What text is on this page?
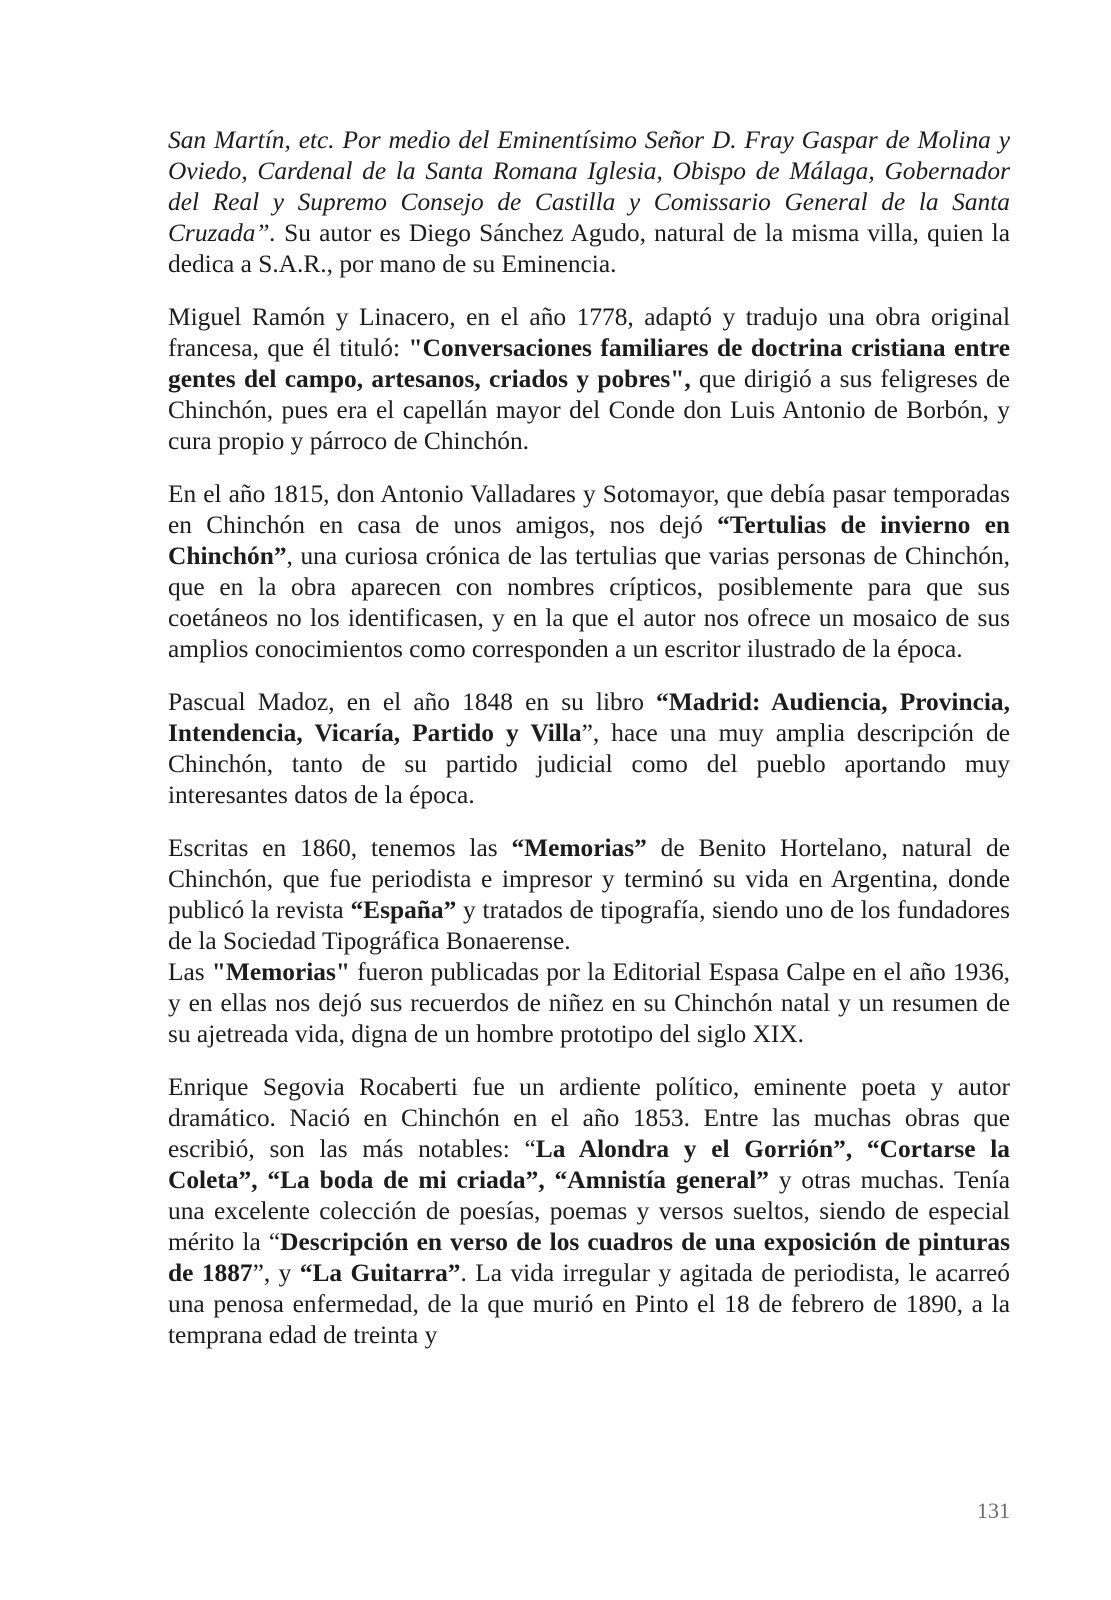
San Martín, etc. Por medio del Eminentísimo Señor D. Fray Gaspar de Molina y Oviedo, Cardenal de la Santa Romana Iglesia, Obispo de Málaga, Gobernador del Real y Supremo Consejo de Castilla y Comissario General de la Santa Cruzada”. Su autor es Diego Sánchez Agudo, natural de la misma villa, quien la dedica a S.A.R., por mano de su Eminencia.

Miguel Ramón y Linacero, en el año 1778, adaptó y tradujo una obra original francesa, que él tituló: "Conversaciones familiares de doctrina cristiana entre gentes del campo, artesanos, criados y pobres", que dirigió a sus feligreses de Chinchón, pues era el capellán mayor del Conde don Luis Antonio de Borbón, y cura propio y párroco de Chinchón.

En el año 1815, don Antonio Valladares y Sotomayor, que debía pasar temporadas en Chinchón en casa de unos amigos, nos dejó “Tertulias de invierno en Chinchón”, una curiosa crónica de las tertulias que varias personas de Chinchón, que en la obra aparecen con nombres crípticos, posiblemente para que sus coetáneos no los identificasen, y en la que el autor nos ofrece un mosaico de sus amplios conocimientos como corresponden a un escritor ilustrado de la época.

Pascual Madoz, en el año 1848 en su libro “Madrid: Audiencia, Provincia, Intendencia, Vicaría, Partido y Villa”, hace una muy amplia descripción de Chinchón, tanto de su partido judicial como del pueblo aportando muy interesantes datos de la época.

Escritas en 1860, tenemos las “Memorias” de Benito Hortelano, natural de Chinchón, que fue periodista e impresor y terminó su vida en Argentina, donde publicó la revista “España” y tratados de tipografía, siendo uno de los fundadores de la Sociedad Tipográfica Bonaerense.

Las "Memorias" fueron publicadas por la Editorial Espasa Calpe en el año 1936, y en ellas nos dejó sus recuerdos de niñez en su Chinchón natal y un resumen de su ajetreada vida, digna de un hombre prototipo del siglo XIX.

Enrique Segovia Rocaberti fue un ardiente político, eminente poeta y autor dramático. Nació en Chinchón en el año 1853. Entre las muchas obras que escribió, son las más notables: “La Alondra y el Gorrión”, “Cortarse la Coleta”, “La boda de mi criada”, “Amnistía general” y otras muchas. Tenía una excelente colección de poesías, poemas y versos sueltos, siendo de especial mérito la “Descripción en verso de los cuadros de una exposición de pinturas de 1887”, y “La Guitarra”. La vida irregular y agitada de periodista, le acarreó una penosa enfermedad, de la que murió en Pinto el 18 de febrero de 1890, a la temprana edad de treinta y

131
